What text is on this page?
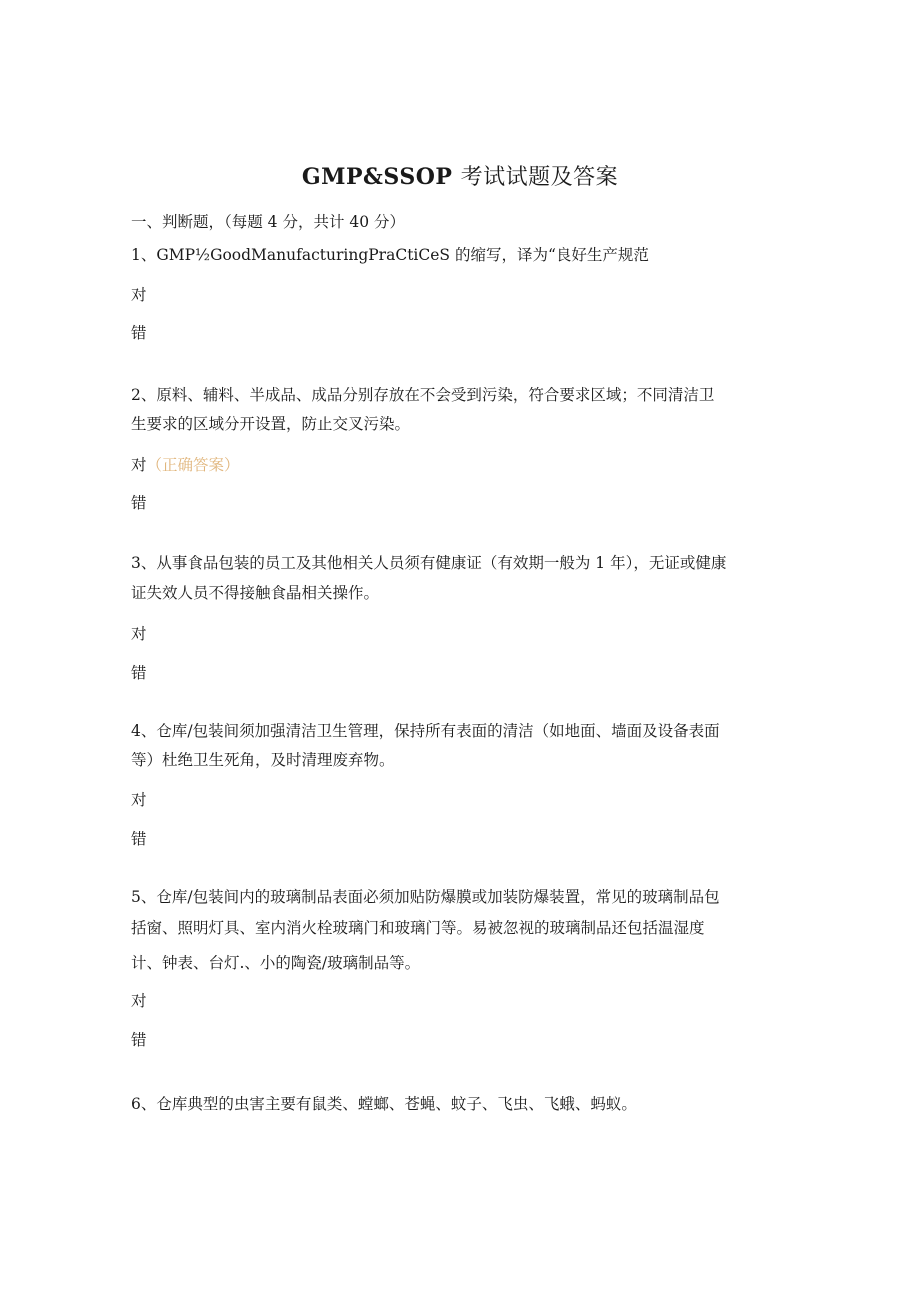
GMP&SSOP 考试试题及答案
一、判断题，（每题 4 分，共计 40 分）
1、GMP½GoodManufacturingPraCtiCeS 的缩写，译为“良好生产规范
对
错
2、原料、辅料、半成品、成品分别存放在不会受到污染，符合要求区域；不同清洁卫
生要求的区域分开设置，防止交叉污染。
对（正确答案）
错
3、从事食品包装的员工及其他相关人员须有健康证（有效期一般为 1 年），无证或健康
证失效人员不得接触食晶相关操作。
对
错
4、仓库/包装间须加强清洁卫生管理，保持所有表面的清洁（如地面、墙面及设备表面
等）杜绝卫生死角，及时清理废弃物。
对
错
5、仓库/包装间内的玻璃制品表面必须加贴防爆膜或加装防爆装置，常见的玻璃制品包
括窗、照明灯具、室内消火栓玻璃门和玻璃门等。易被忽视的玻璃制品还包括温湿度
计、钟表、台灯.、小的陶瓷/玻璃制品等。
对
错
6、仓库典型的虫害主要有鼠类、螳螂、苍蝇、蚊子、飞虫、飞蛾、蚂蚁。
